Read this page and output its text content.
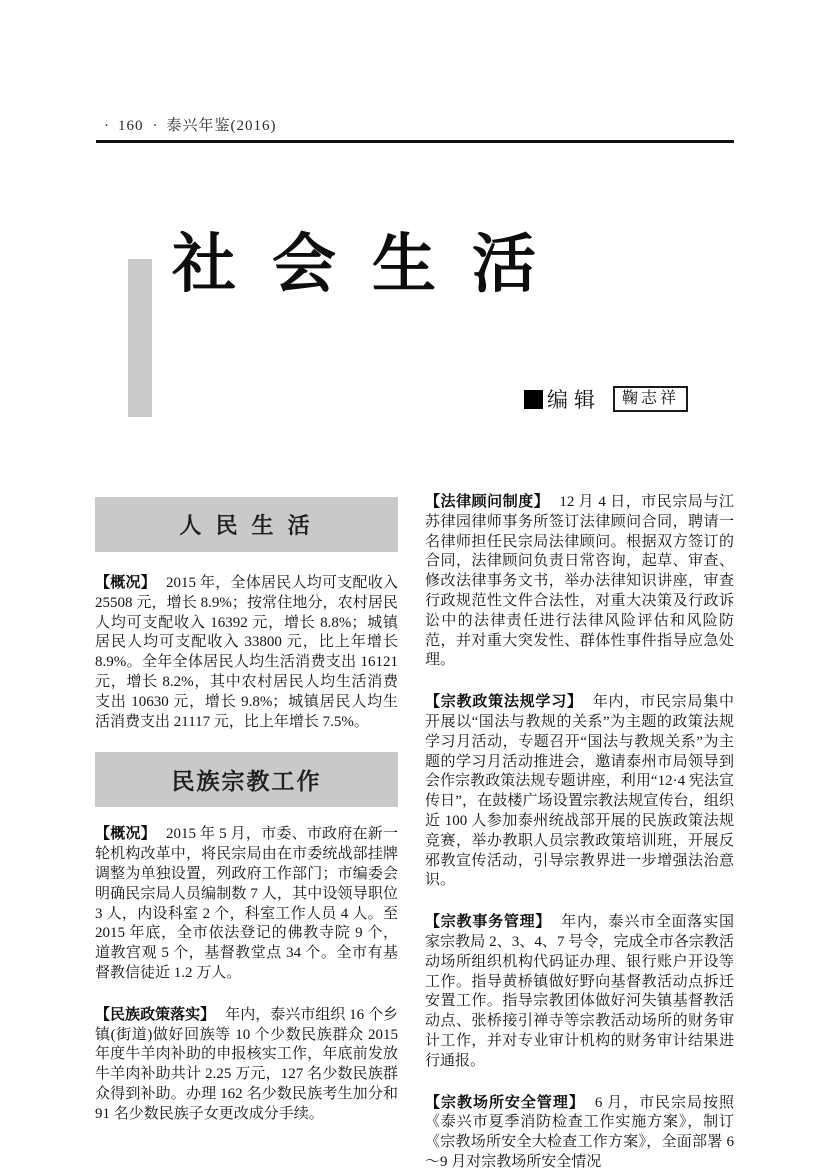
· 160 · 泰兴年鉴(2016)
社 会 生 活
编辑 鞠志祥
人 民 生 活

【概况】 2015 年，全体居民人均可支配收入 25508 元，增长 8.9%；按常住地分，农村居民人均可支配收入 16392 元，增长 8.8%；城镇居民人均可支配收入 33800 元，比上年增长 8.9%。全年全体居民人均生活消费支出 16121 元，增长 8.2%，其中农村居民人均生活消费支出 10630 元，增长 9.8%；城镇居民人均生活消费支出 21117 元，比上年增长 7.5%。

民族宗教工作

【概况】 2015 年 5 月，市委、市政府在新一轮机构改革中，将民宗局由在市委统战部挂牌调整为单独设置，列政府工作部门；市编委会明确民宗局人员编制数 7 人，其中设领导职位 3 人，内设科室 2 个，科室工作人员 4 人。至 2015 年底，全市依法登记的佛教寺院 9 个，道教宫观 5 个，基督教堂点 34 个。全市有基督教信徒近 1.2 万人。

【民族政策落实】 年内，泰兴市组织 16 个乡镇(街道)做好回族等 10 个少数民族群众 2015 年度牛羊肉补助的申报核实工作，年底前发放牛羊肉补助共计 2.25 万元，127 名少数民族群众得到补助。办理 162 名少数民族考生加分和 91 名少数民族子女更改成分手续。

【法律顾问制度】 12 月 4 日，市民宗局与江苏律园律师事务所签订法律顾问合同，聘请一名律师担任民宗局法律顾问。根据双方签订的合同，法律顾问负责日常咨询，起草、审查、修改法律事务文书，举办法律知识讲座，审查行政规范性文件合法性，对重大决策及行政诉讼中的法律责任进行法律风险评估和风险防范，并对重大突发性、群体性事件指导应急处理。

【宗教政策法规学习】 年内，市民宗局集中开展以“国法与教规的关系”为主题的政策法规学习月活动，专题召开“国法与教规关系”为主题的学习月活动推进会，邀请泰州市局领导到会作宗教政策法规专题讲座，利用“12·4 宪法宣传日”，在鼓楼广场设置宗教法规宣传台，组织近 100 人参加泰州统战部开展的民族政策法规竞赛，举办教职人员宗教政策培训班，开展反邪教宣传活动，引导宗教界进一步增强法治意识。

【宗教事务管理】 年内，泰兴市全面落实国家宗教局 2、3、4、7 号令，完成全市各宗教活动场所组织机构代码证办理、银行账户开设等工作。指导黄桥镇做好野向基督教活动点拆迁安置工作。指导宗教团体做好河失镇基督教活动点、张桥接引禅寺等宗教活动场所的财务审计工作，并对专业审计机构的财务审计结果进行通报。

【宗教场所安全管理】 6 月，市民宗局按照《泰兴市夏季消防检查工作实施方案》，制订《宗教场所安全大检查工作方案》，全面部署 6～9 月对宗教场所安全情况
